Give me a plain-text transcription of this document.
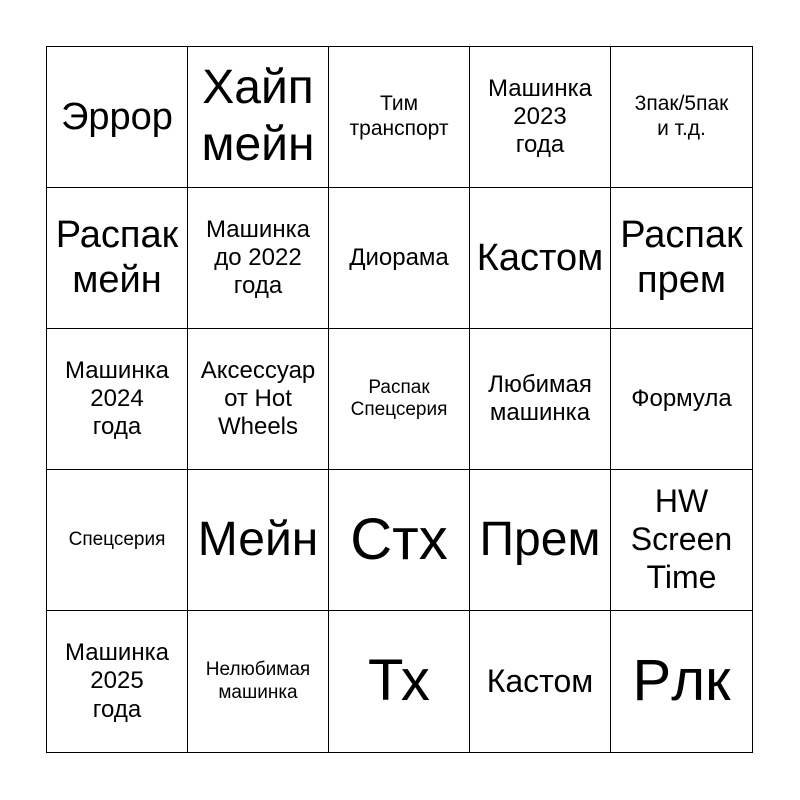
Эррор
Хайп
мейн
Тим
транспорт
Машинка
2023
года
3пак/5пак
и т.д.
Распак
мейн
Машинка
до 2022
года
Диорама Кастом
Распак
прем
Машинка
2024
года
Аксессуар
от Hot
Wheels
Распак
Спецсерия
Любимая
машинка
Формула
Спецсерия Мейн Стх Прем
HW
Screen
Time
Машинка
2025
года
Нелюбимая
машинка Тх Кастом Рлк
